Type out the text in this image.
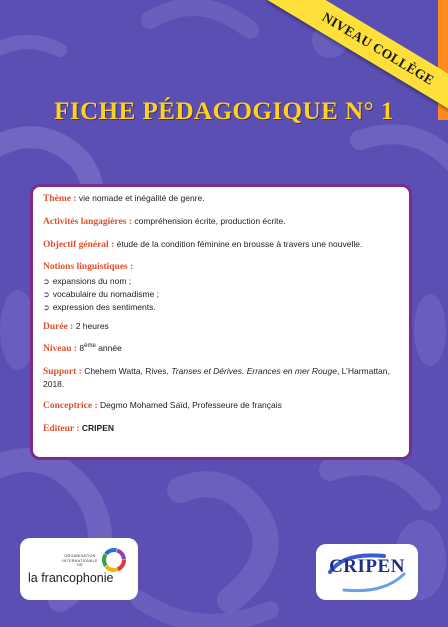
NIVEAU COLLÈGE
FICHE PÉDAGOGIQUE N° 1
Thème : vie nomade et inégalité de genre.
Activités langagières : compréhension écrite, production écrite.
Objectif général : étude de la condition féminine en brousse à travers une nouvelle.
Notions linguistiques :
➲ expansions du nom ;
➲ vocabulaire du nomadisme ;
➲ expression des sentiments.
Durée : 2 heures
Niveau : 8ème année
Support : Chehem Watta, Rives, Transes et Dérives. Errances en mer Rouge, L’Harmattan, 2018.
Conceptrice : Degmo Mohamed Saïd, Professeure de français
Editeur : CRIPEN
ORGANISATION INTERNATIONALE DE
la francophonie
CRIPEN
